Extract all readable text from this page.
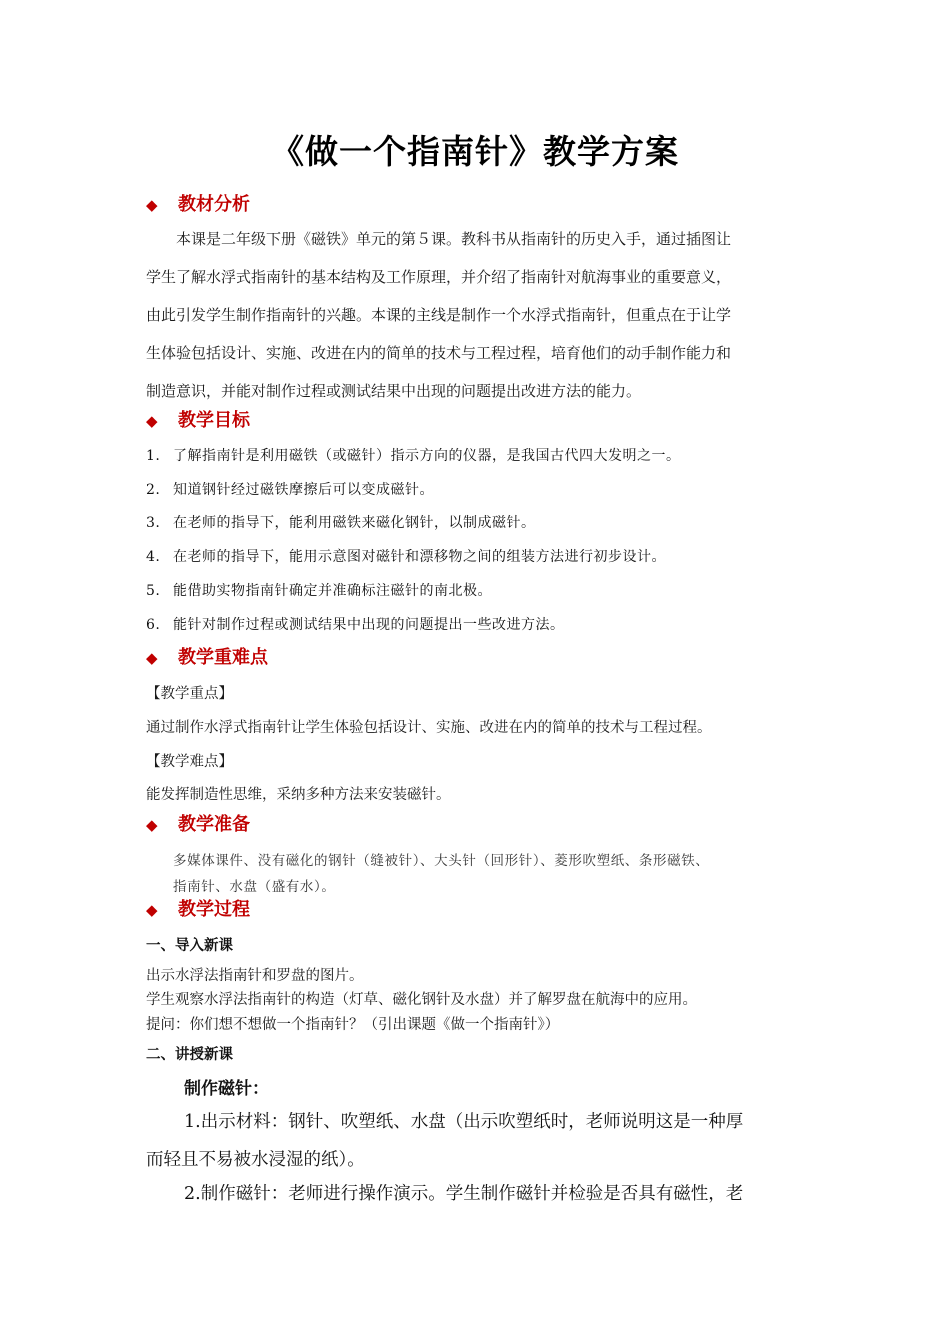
《做一个指南针》教学方案
◆ 教材分析
本课是二年级下册《磁铁》单元的第５课。教科书从指南针的历史入手，通过插图让
学生了解水浮式指南针的基本结构及工作原理，并介绍了指南针对航海事业的重要意义，
由此引发学生制作指南针的兴趣。本课的主线是制作一个水浮式指南针，但重点在于让学
生体验包括设计、实施、改进在内的简单的技术与工程过程，培育他们的动手制作能力和
制造意识，并能对制作过程或测试结果中出现的问题提出改进方法的能力。
◆ 教学目标
1. 了解指南针是利用磁铁（或磁针）指示方向的仪器，是我国古代四大发明之一。
2. 知道钢针经过磁铁摩擦后可以变成磁针。
3. 在老师的指导下，能利用磁铁来磁化钢针，以制成磁针。
4. 在老师的指导下，能用示意图对磁针和漂移物之间的组装方法进行初步设计。
5. 能借助实物指南针确定并准确标注磁针的南北极。
6. 能针对制作过程或测试结果中出现的问题提出一些改进方法。
◆ 教学重难点
【教学重点】
通过制作水浮式指南针让学生体验包括设计、实施、改进在内的简单的技术与工程过程。
【教学难点】
能发挥制造性思维，采纳多种方法来安装磁针。
◆ 教学准备
多媒体课件、没有磁化的钢针（缝被针）、大头针（回形针）、菱形吹塑纸、条形磁铁、
指南针、水盘（盛有水）。
◆ 教学过程
一、导入新课
出示水浮法指南针和罗盘的图片。
学生观察水浮法指南针的构造（灯草、磁化钢针及水盘）并了解罗盘在航海中的应用。
提问：你们想不想做一个指南针？（引出课题《做一个指南针》）
二、讲授新课
制作磁针：
1.出示材料：钢针、吹塑纸、水盘（出示吹塑纸时，老师说明这是一种厚
而轻且不易被水浸湿的纸）。
2.制作磁针：老师进行操作演示。学生制作磁针并检验是否具有磁性，老
